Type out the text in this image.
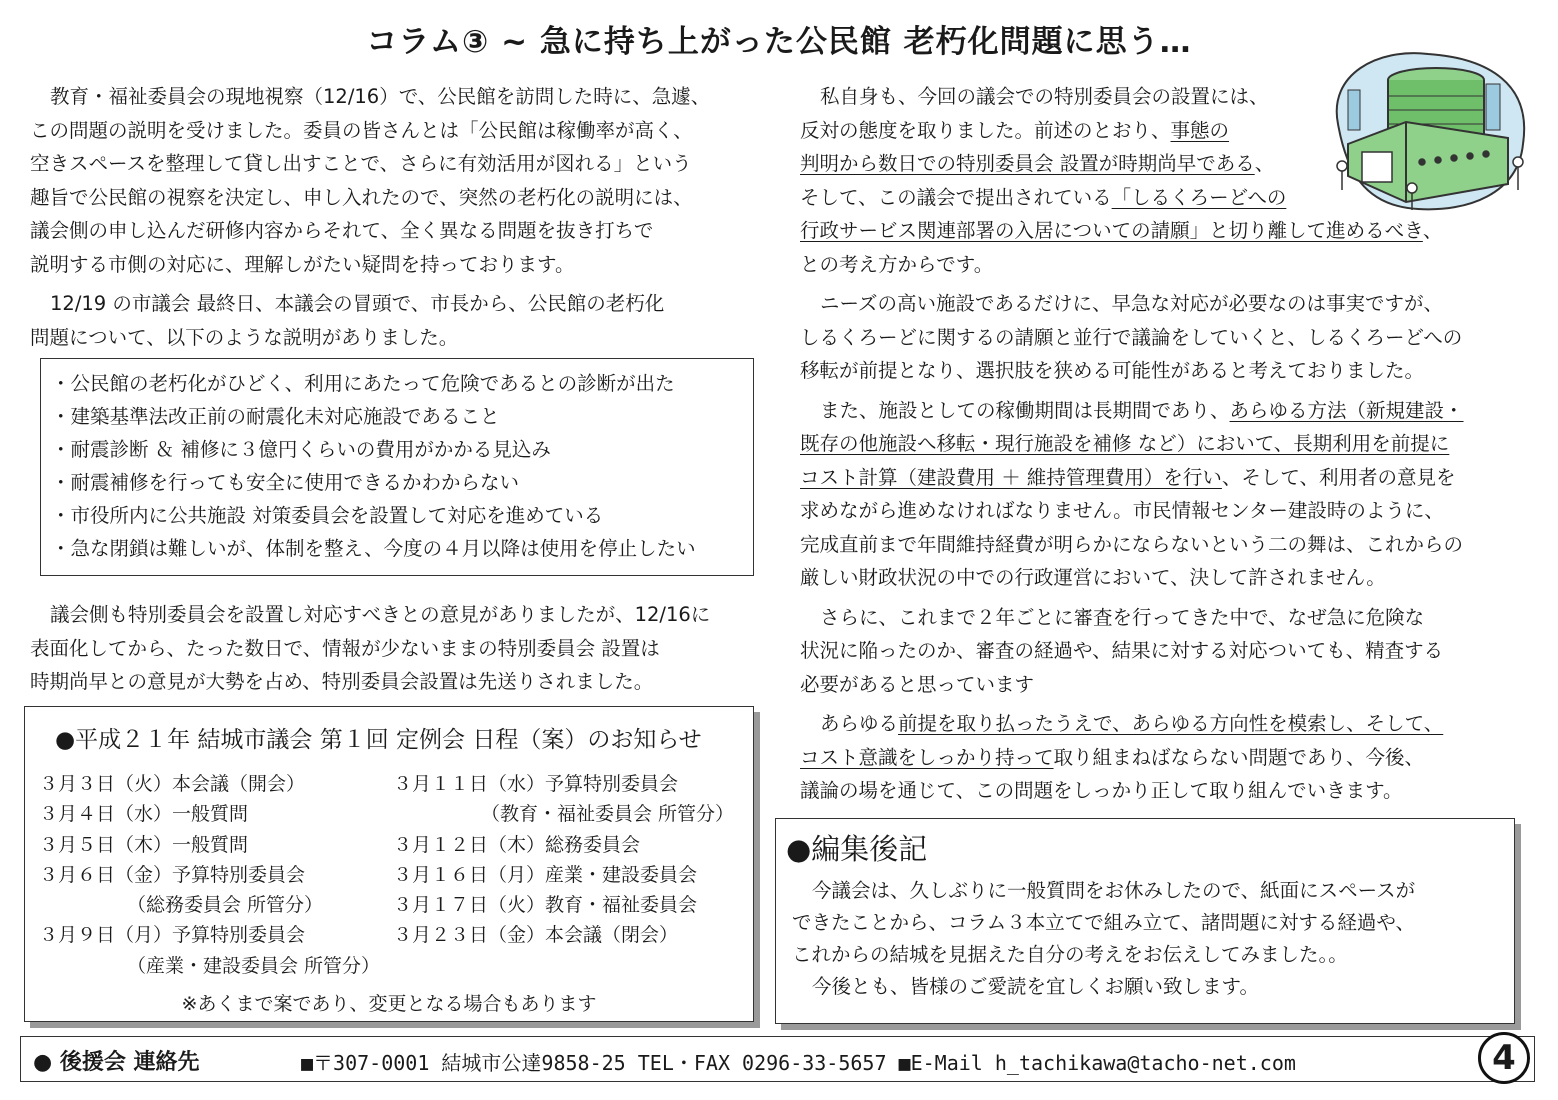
コラム③ ~ 急に持ち上がった公民館 老朽化問題に思う…
教育・福祉委員会の現地視察（12/16）で、公民館を訪問した時に、急遽、
この問題の説明を受けました。委員の皆さんとは「公民館は稼働率が高く、
空きスペースを整理して貸し出すことで、さらに有効活用が図れる」という
趣旨で公民館の視察を決定し、申し入れたので、突然の老朽化の説明には、
議会側の申し込んだ研修内容からそれて、全く異なる問題を抜き打ちで
説明する市側の対応に、理解しがたい疑問を持っております。
12/19 の市議会 最終日、本議会の冒頭で、市長から、公民館の老朽化
問題について、以下のような説明がありました。
・公民館の老朽化がひどく、利用にあたって危険であるとの診断が出た
・建築基準法改正前の耐震化未対応施設であること
・耐震診断 ＆ 補修に３億円くらいの費用がかかる見込み
・耐震補修を行っても安全に使用できるかわからない
・市役所内に公共施設 対策委員会を設置して対応を進めている
・急な閉鎖は難しいが、体制を整え、今度の４月以降は使用を停止したい
議会側も特別委員会を設置し対応すべきとの意見がありましたが、12/16に
表面化してから、たった数日で、情報が少ないままの特別委員会 設置は
時期尚早との意見が大勢を占め、特別委員会設置は先送りされました。
●平成２１年 結城市議会 第１回 定例会 日程（案）のお知らせ
３月３日（火）本会議（開会）
３月４日（水）一般質問
３月５日（木）一般質問
３月６日（金）予算特別委員会
（総務委員会 所管分）
３月９日（月）予算特別委員会
（産業・建設委員会 所管分）
３月１１日（水）予算特別委員会
（教育・福祉委員会 所管分）
３月１２日（木）総務委員会
３月１６日（月）産業・建設委員会
３月１７日（火）教育・福祉委員会
３月２３日（金）本会議（閉会）
※あくまで案であり、変更となる場合もあります
私自身も、今回の議会での特別委員会の設置には、
反対の態度を取りました。前述のとおり、事態の
判明から数日での特別委員会 設置が時期尚早である、
そして、この議会で提出されている「しるくろーどへの
行政サービス関連部署の入居についての請願」と切り離して進めるべき、
との考え方からです。
ニーズの高い施設であるだけに、早急な対応が必要なのは事実ですが、
しるくろーどに関するの請願と並行で議論をしていくと、しるくろーどへの
移転が前提となり、選択肢を狭める可能性があると考えておりました。
また、施設としての稼働期間は長期間であり、あらゆる方法（新規建設・
既存の他施設へ移転・現行施設を補修 など）において、長期利用を前提に
コスト計算（建設費用 ＋ 維持管理費用）を行い、そして、利用者の意見を
求めながら進めなければなりません。市民情報センター建設時のように、
完成直前まで年間維持経費が明らかにならないという二の舞は、これからの
厳しい財政状況の中での行政運営において、決して許されません。
さらに、これまで２年ごとに審査を行ってきた中で、なぜ急に危険な
状況に陥ったのか、審査の経過や、結果に対する対応ついても、精査する
必要があると思っています
あらゆる前提を取り払ったうえで、あらゆる方向性を模索し、そして、
コスト意識をしっかり持って取り組まねばならない問題であり、今後、
議論の場を通じて、この問題をしっかり正して取り組んでいきます。
●編集後記
今議会は、久しぶりに一般質問をお休みしたので、紙面にスペースが
できたことから、コラム３本立てで組み立て、諸問題に対する経過や、
これからの結城を見据えた自分の考えをお伝えしてみました。。
今後とも、皆様のご愛読を宜しくお願い致します。
● 後援会 連絡先	■〒307-0001 結城市公達9858-25 TEL・FAX 0296-33-5657 ■E-Mail h_tachikawa@tacho-net.com	4
